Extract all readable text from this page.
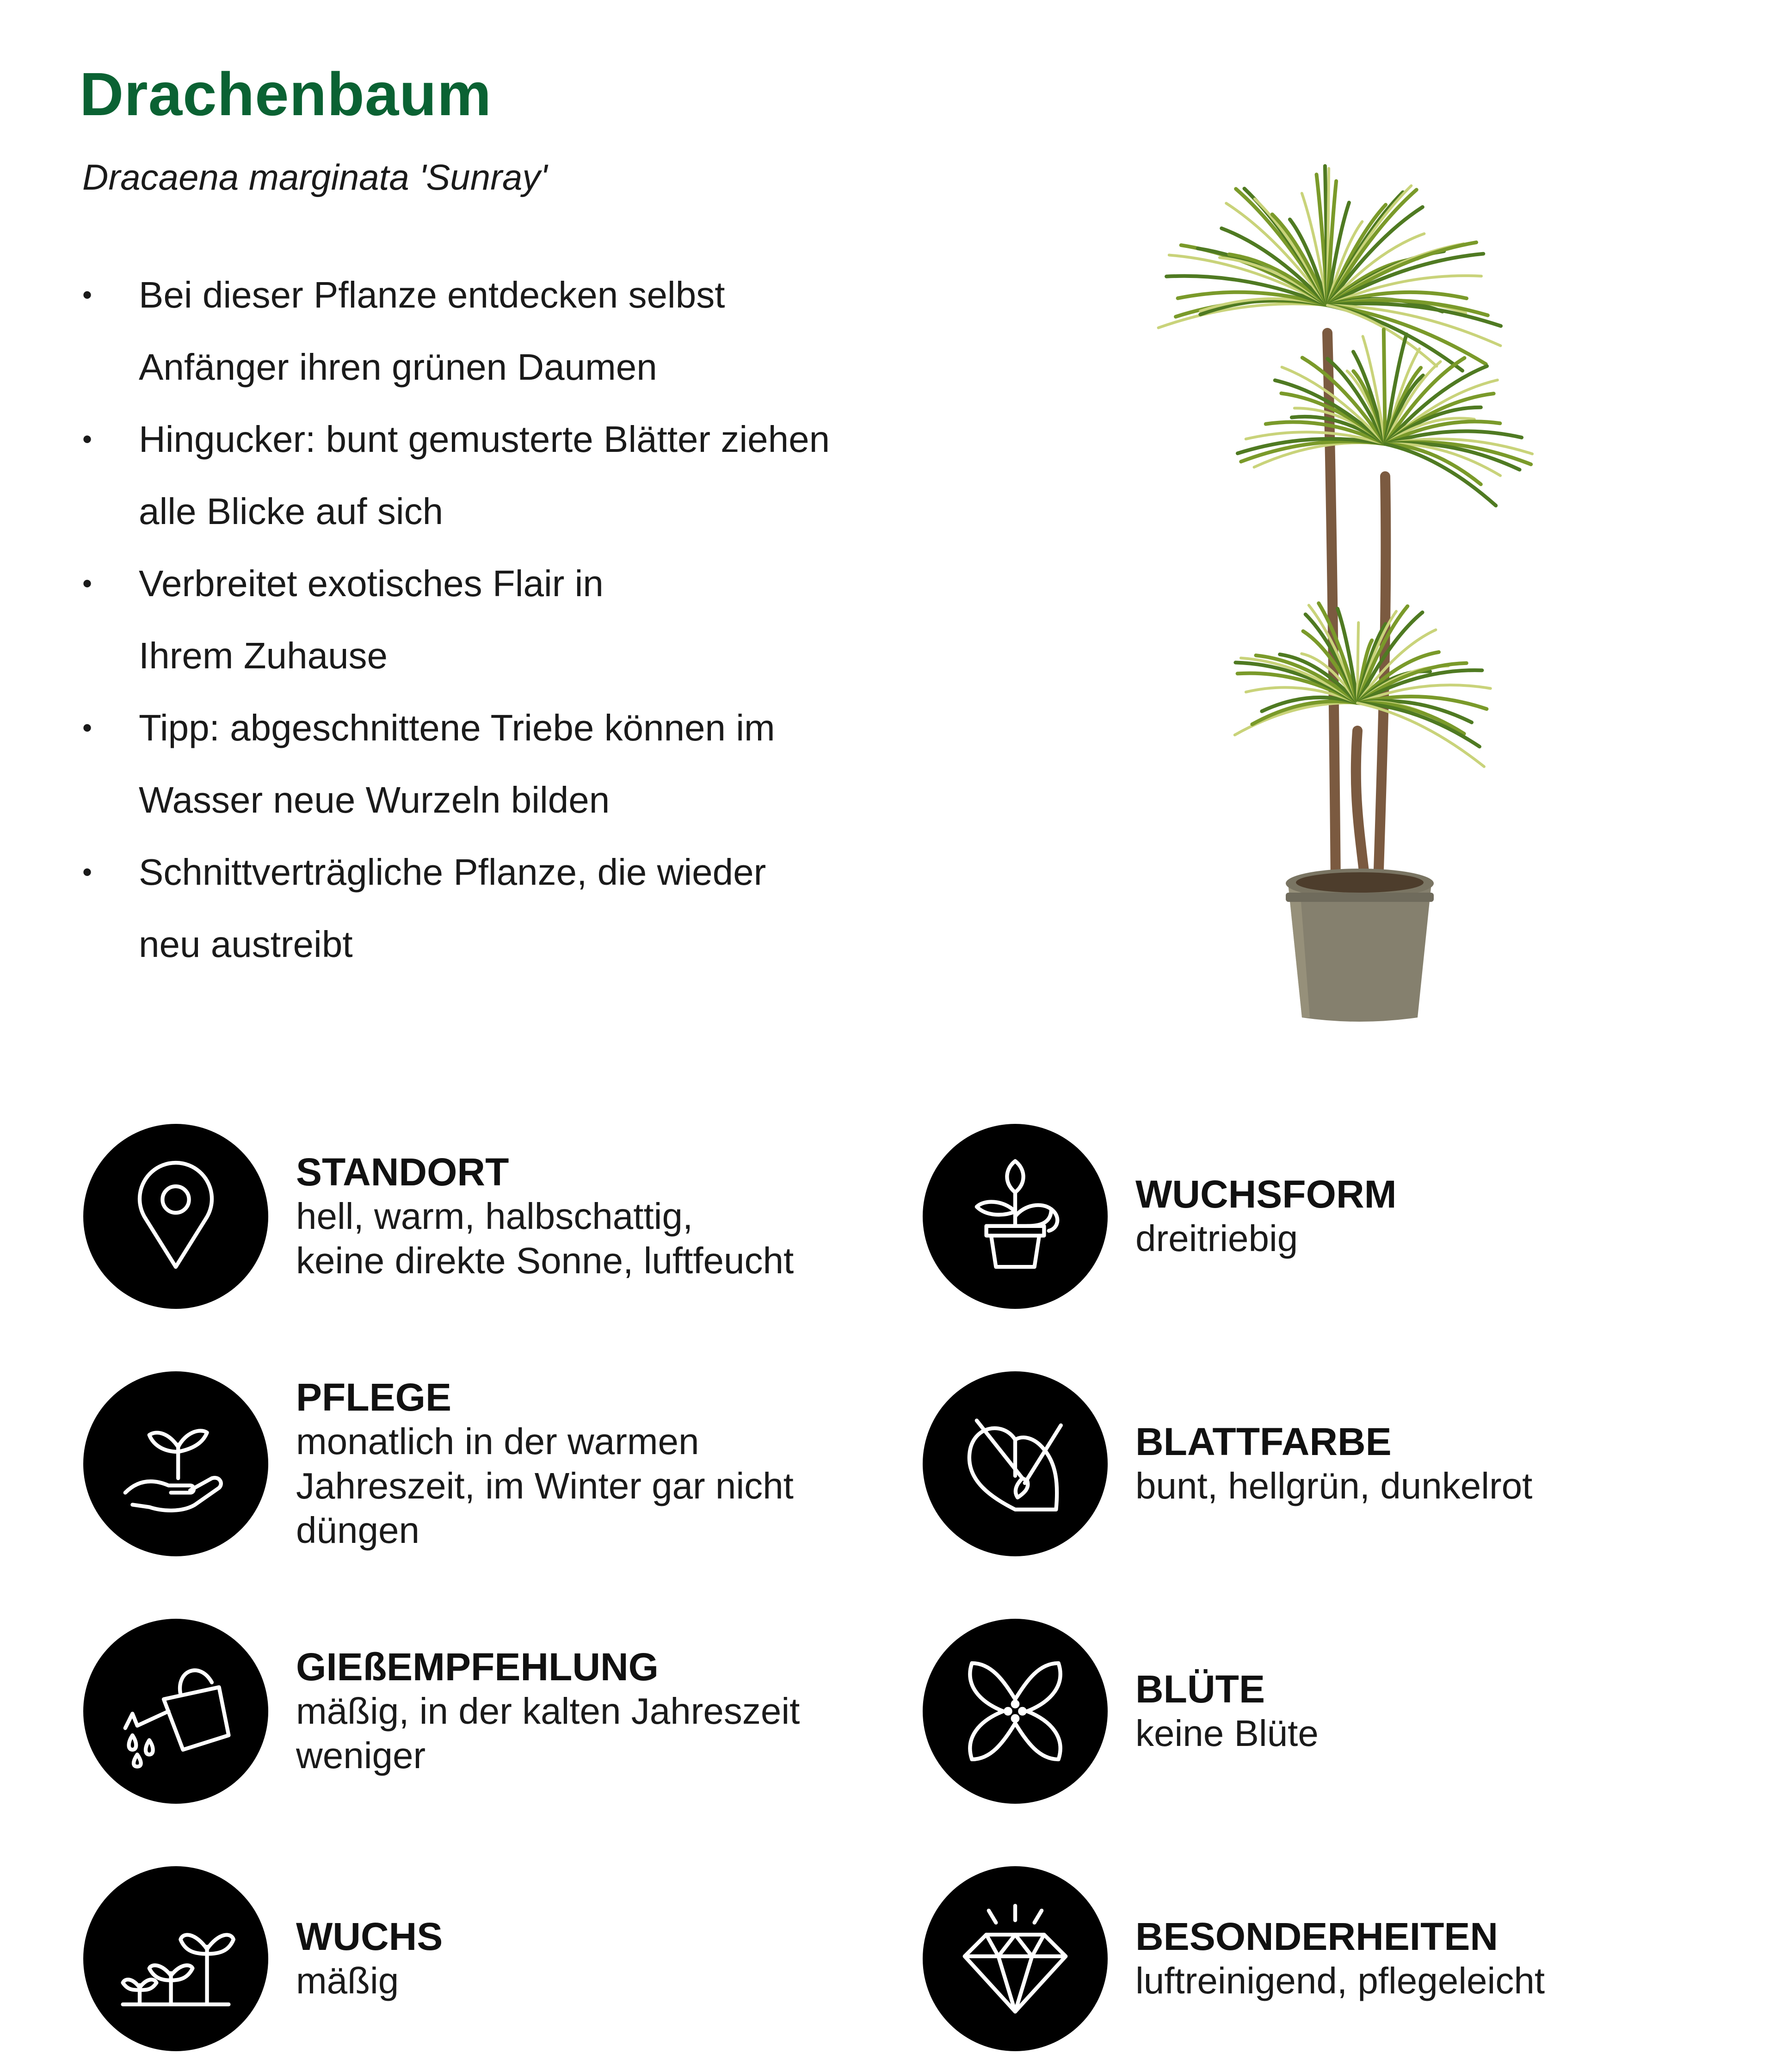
Drachenbaum

Dracaena marginata 'Sunray'

• Bei dieser Pflanze entdecken selbst
Anfänger ihren grünen Daumen
• Hingucker: bunt gemusterte Blätter ziehen
alle Blicke auf sich
• Verbreitet exotisches Flair in
Ihrem Zuhause
• Tipp: abgeschnittene Triebe können im
Wasser neue Wurzeln bilden
• Schnittverträgliche Pflanze, die wieder
neu austreibt
STANDORT
hell, warm, halbschattig,
keine direkte Sonne, luftfeucht
WUCHSFORM
dreitriebig
PFLEGE
monatlich in der warmen
Jahreszeit, im Winter gar nicht
düngen
BLATTFARBE
bunt, hellgrün, dunkelrot
GIEßEMPFEHLUNG
mäßig, in der kalten Jahreszeit
weniger
BLÜTE
keine Blüte
WUCHS
mäßig
BESONDERHEITEN
luftreinigend, pflegeleicht
